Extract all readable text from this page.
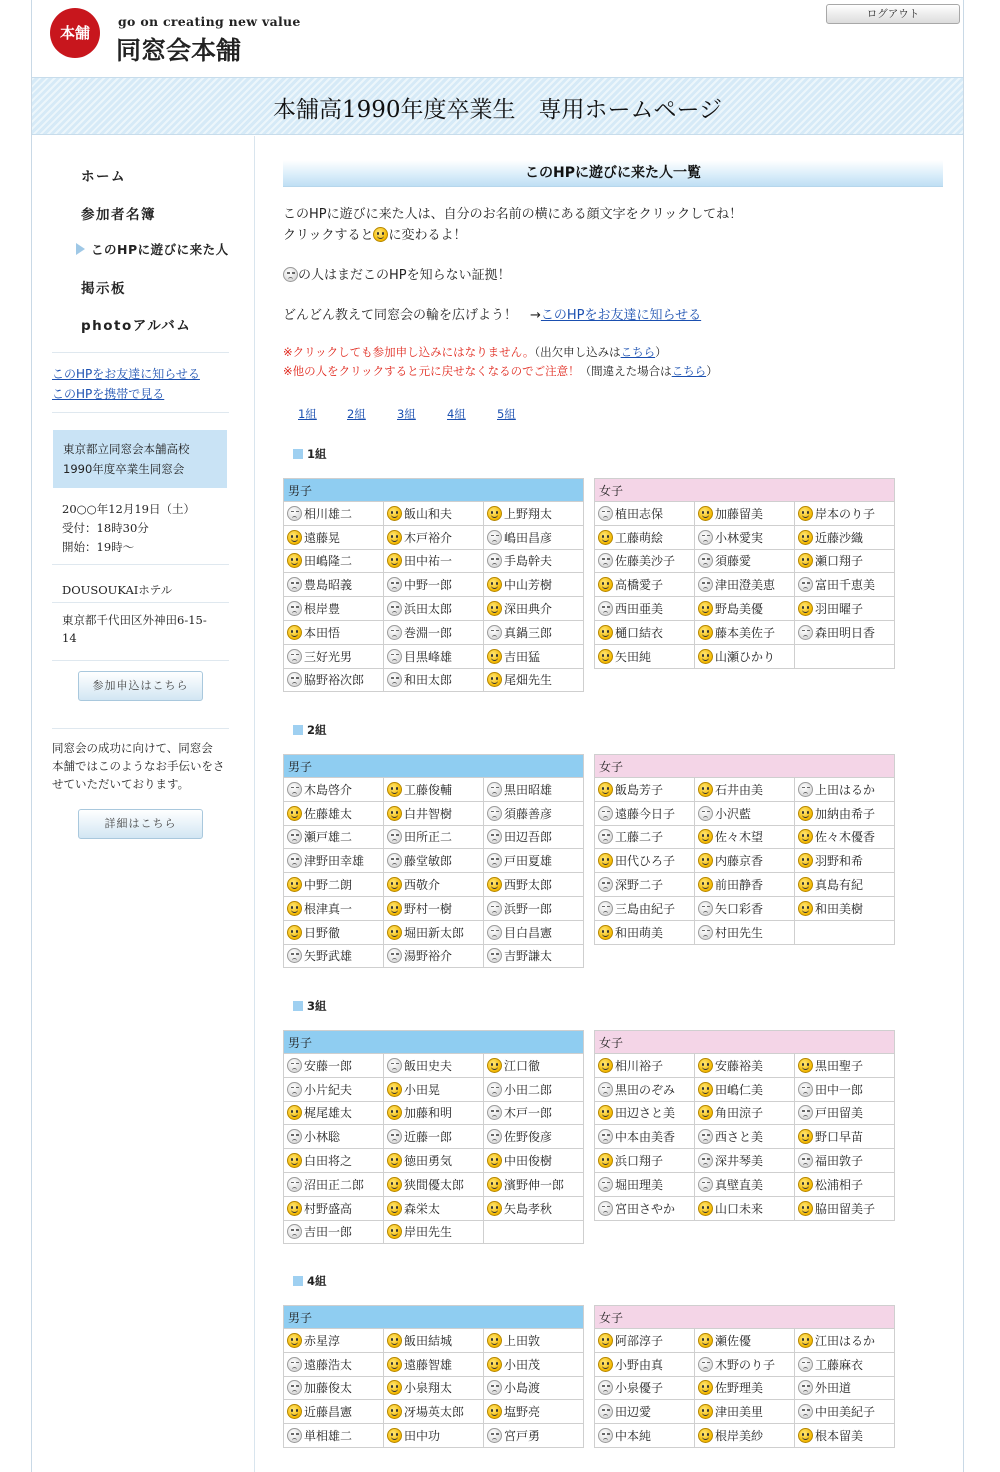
本舗
go on creating new value
同窓会本舗
ログアウト
本舗高1990年度卒業生　専用ホームページ
ホーム
参加者名簿
このHPに遊びに来た人
掲示板
photoアルバム
このHPをお友達に知らせる
このHPを携帯で見る
東京都立同窓会本舗高校
1990年度卒業生同窓会
20○○年12月19日（土）
受付：18時30分
開始：19時～
DOUSOUKAIホテル
東京都千代田区外神田6-15-
14
参加申込はこちら
同窓会の成功に向けて、同窓会
本舗ではこのようなお手伝いをさ
せていただいております。
詳細はこちら
このHPに遊びに来た人一覧
このHPに遊びに来た人は、自分のお名前の横にある顔文字をクリックしてね！
クリックすると に変わるよ！
の人はまだこのHPを知らない証拠！
どんどん教えて同窓会の輪を広げよう！　→このHPをお友達に知らせる
※クリックしても参加申し込みにはなりません。（出欠申し込みはこちら）
※他の人をクリックすると元に戻せなくなるのでご注意！（間違えた場合はこちら）
1組	2組	3組	4組	5組
1組
男子		
相川雄二	飯山和夫	上野翔太
遠藤晃	木戸裕介	嶋田昌彦
田嶋隆二	田中祐一	手島幹夫
豊島昭義	中野一郎	中山芳樹
根岸豊	浜田太郎	深田典介
本田悟	巻淵一郎	真鍋三郎
三好光男	目黒峰雄	吉田猛
脇野裕次郎	和田太郎	尾畑先生
女子		
植田志保	加藤留美	岸本のり子
工藤萌絵	小林愛実	近藤沙織
佐藤美沙子	須藤愛	瀬口翔子
高橋愛子	津田澄美恵	富田千恵美
西田亜美	野島美優	羽田曜子
樋口結衣	藤本美佐子	森田明日香
矢田純	山瀬ひかり	
2組
男子		
木島啓介	工藤俊輔	黒田昭雄
佐藤雄太	白井智樹	須藤善彦
瀬戸雄二	田所正二	田辺吾郎
津野田幸雄	藤堂敏郎	戸田夏雄
中野二朗	西敬介	西野太郎
根津真一	野村一樹	浜野一郎
日野徹	堀田新太郎	目白昌憲
矢野武雄	湯野裕介	吉野謙太
女子		
飯島芳子	石井由美	上田はるか
遠藤今日子	小沢藍	加納由希子
工藤二子	佐々木望	佐々木優香
田代ひろ子	内藤京香	羽野和希
深野二子	前田静香	真島有紀
三島由紀子	矢口彩香	和田美樹
和田萌美	村田先生	
3組
男子		
安藤一郎	飯田史夫	江口徹
小片紀夫	小田晃	小田二郎
梶尾雄太	加藤和明	木戸一郎
小林聡	近藤一郎	佐野俊彦
白田将之	徳田勇気	中田俊樹
沼田正二郎	狭間優太郎	濱野伸一郎
村野盛高	森栄太	矢島孝秋
吉田一郎	岸田先生	
女子		
相川裕子	安藤裕美	黒田聖子
黒田のぞみ	田嶋仁美	田中一郎
田辺さと美	角田涼子	戸田留美
中本由美香	西さと美	野口早苗
浜口翔子	深井琴美	福田敦子
堀田理美	真壁直美	松浦相子
宮田さやか	山口未来	脇田留美子
4組
男子		
赤星淳	飯田結城	上田敦
遠藤浩太	遠藤智雄	小田茂
加藤俊太	小泉翔太	小島渡
近藤昌憲	冴場英太郎	塩野亮
単相雄二	田中功	宮戸勇
女子		
阿部淳子	瀬佐優	江田はるか
小野由真	木野のり子	工藤麻衣
小泉優子	佐野理美	外田道
田辺愛	津田美里	中田美紀子
中本純	根岸美紗	根本留美
